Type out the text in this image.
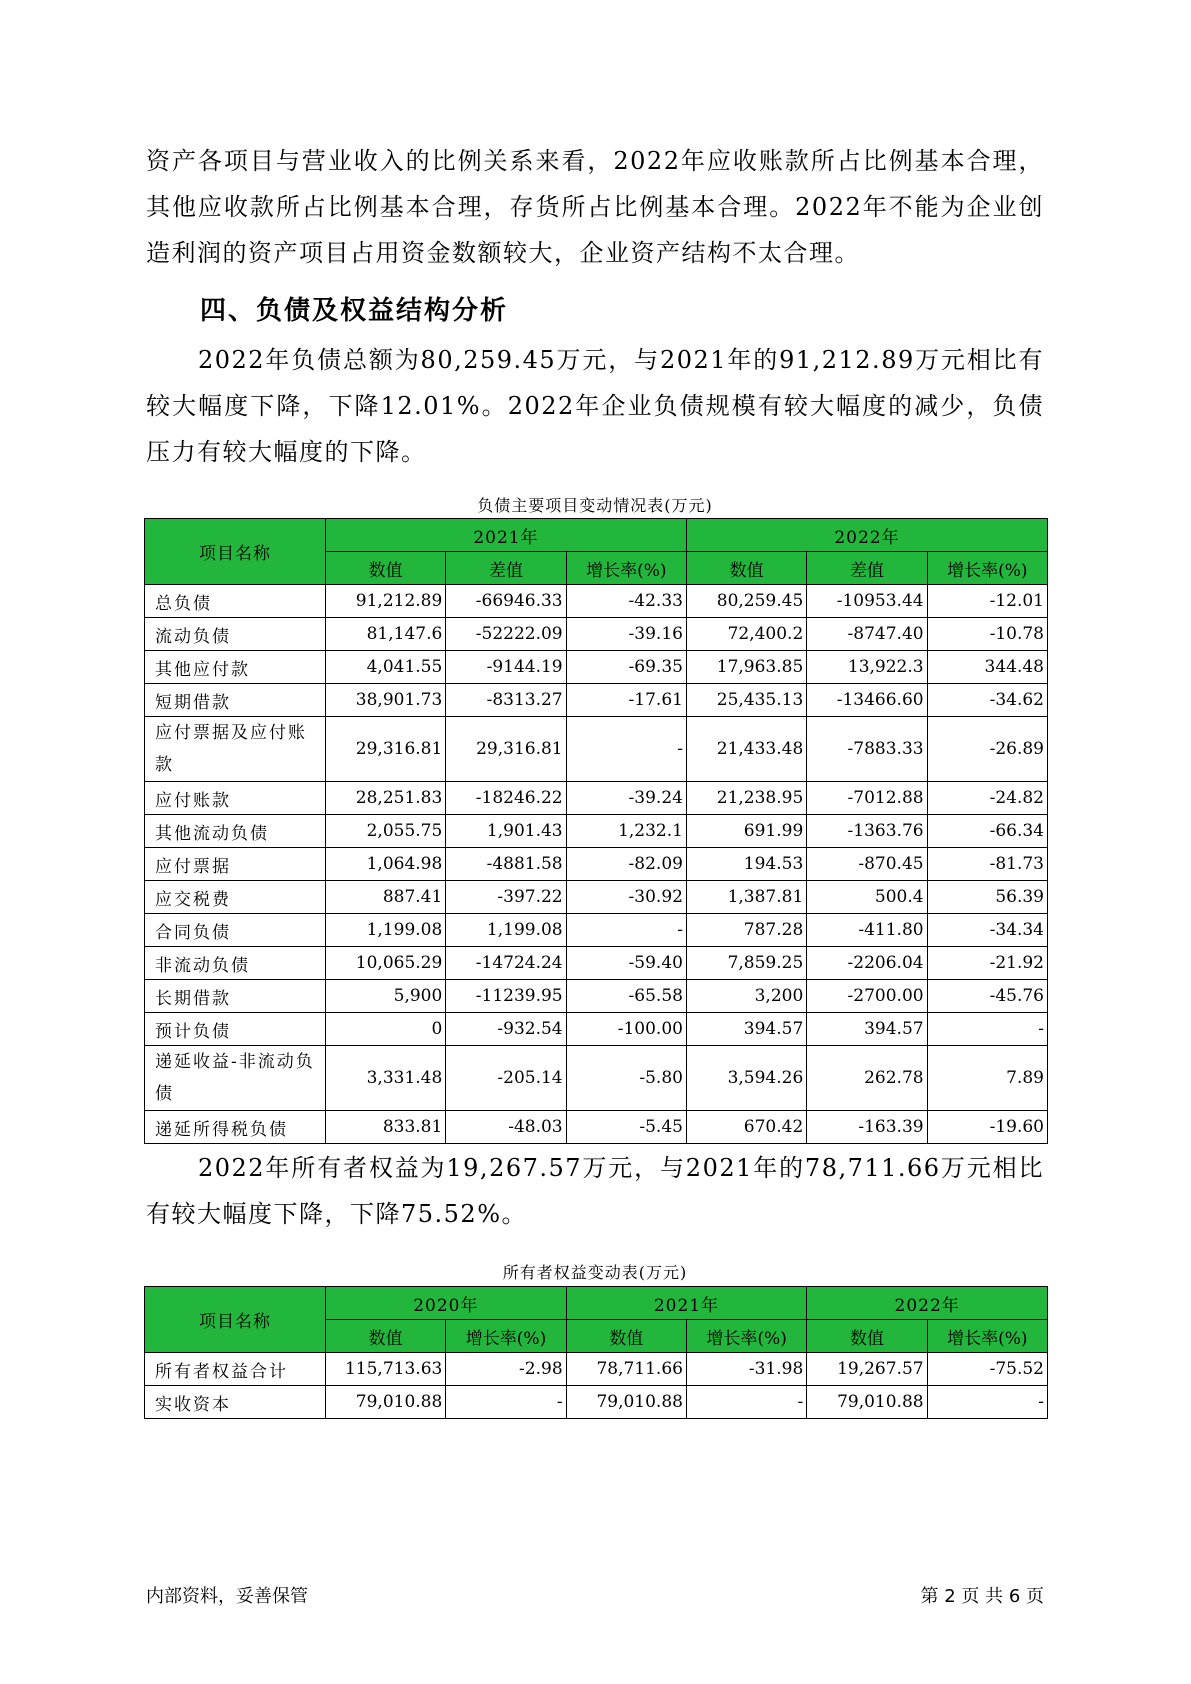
资产各项目与营业收入的比例关系来看，2022年应收账款所占比例基本合理，其他应收款所占比例基本合理，存货所占比例基本合理。2022年不能为企业创造利润的资产项目占用资金数额较大，企业资产结构不太合理。
四、负债及权益结构分析
2022年负债总额为80,259.45万元，与2021年的91,212.89万元相比有较大幅度下降，下降12.01%。2022年企业负债规模有较大幅度的减少，负债压力有较大幅度的下降。
负债主要项目变动情况表(万元)
项目名称	2021年			2022年		
	数值	差值	增长率(%)	数值	差值	增长率(%)
总负债	91,212.89	-66946.33	-42.33	80,259.45	-10953.44	-12.01
流动负债	81,147.6	-52222.09	-39.16	72,400.2	-8747.40	-10.78
其他应付款	4,041.55	-9144.19	-69.35	17,963.85	13,922.3	344.48
短期借款	38,901.73	-8313.27	-17.61	25,435.13	-13466.60	-34.62
应付票据及应付账款	29,316.81	29,316.81	-	21,433.48	-7883.33	-26.89
应付账款	28,251.83	-18246.22	-39.24	21,238.95	-7012.88	-24.82
其他流动负债	2,055.75	1,901.43	1,232.1	691.99	-1363.76	-66.34
应付票据	1,064.98	-4881.58	-82.09	194.53	-870.45	-81.73
应交税费	887.41	-397.22	-30.92	1,387.81	500.4	56.39
合同负债	1,199.08	1,199.08	-	787.28	-411.80	-34.34
非流动负债	10,065.29	-14724.24	-59.40	7,859.25	-2206.04	-21.92
长期借款	5,900	-11239.95	-65.58	3,200	-2700.00	-45.76
预计负债	0	-932.54	-100.00	394.57	394.57	-
递延收益-非流动负债	3,331.48	-205.14	-5.80	3,594.26	262.78	7.89
递延所得税负债	833.81	-48.03	-5.45	670.42	-163.39	-19.60
2022年所有者权益为19,267.57万元，与2021年的78,711.66万元相比有较大幅度下降，下降75.52%。
所有者权益变动表(万元)
项目名称	2020年		2021年		2022年	
	数值	增长率(%)	数值	增长率(%)	数值	增长率(%)
所有者权益合计	115,713.63	-2.98	78,711.66	-31.98	19,267.57	-75.52
实收资本	79,010.88	-	79,010.88	-	79,010.88	-
内部资料，妥善保管	第 2 页 共 6 页
